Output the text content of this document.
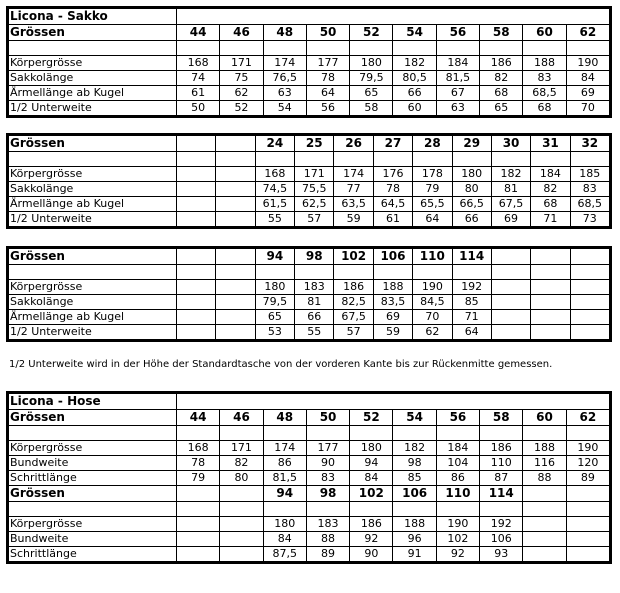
Licona - Sakko										
Grössen	44	46	48	50	52	54	56	58	60	62

Körpergrösse	168	171	174	177	180	182	184	186	188	190
Sakkolänge	74	75	76,5	78	79,5	80,5	81,5	82	83	84
Ärmellänge ab Kugel	61	62	63	64	65	66	67	68	68,5	69
1/2 Unterweite	50	52	54	56	58	60	63	65	68	70
Grössen			24	25	26	27	28	29	30	31	32

Körpergrösse			168	171	174	176	178	180	182	184	185
Sakkolänge			74,5	75,5	77	78	79	80	81	82	83
Ärmellänge ab Kugel			61,5	62,5	63,5	64,5	65,5	66,5	67,5	68	68,5
1/2 Unterweite			55	57	59	61	64	66	69	71	73
Grössen			94	98	102	106	110	114			

Körpergrösse			180	183	186	188	190	192			
Sakkolänge			79,5	81	82,5	83,5	84,5	85			
Ärmellänge ab Kugel			65	66	67,5	69	70	71			
1/2 Unterweite			53	55	57	59	62	64			
1/2 Unterweite wird in der Höhe der Standardtasche von der vorderen Kante bis zur Rückenmitte gemessen.
Licona - Hose										
Grössen	44	46	48	50	52	54	56	58	60	62

Körpergrösse	168	171	174	177	180	182	184	186	188	190
Bundweite	78	82	86	90	94	98	104	110	116	120
Schrittlänge	79	80	81,5	83	84	85	86	87	88	89
Grössen			94	98	102	106	110	114		

Körpergrösse			180	183	186	188	190	192		
Bundweite			84	88	92	96	102	106		
Schrittlänge			87,5	89	90	91	92	93		
